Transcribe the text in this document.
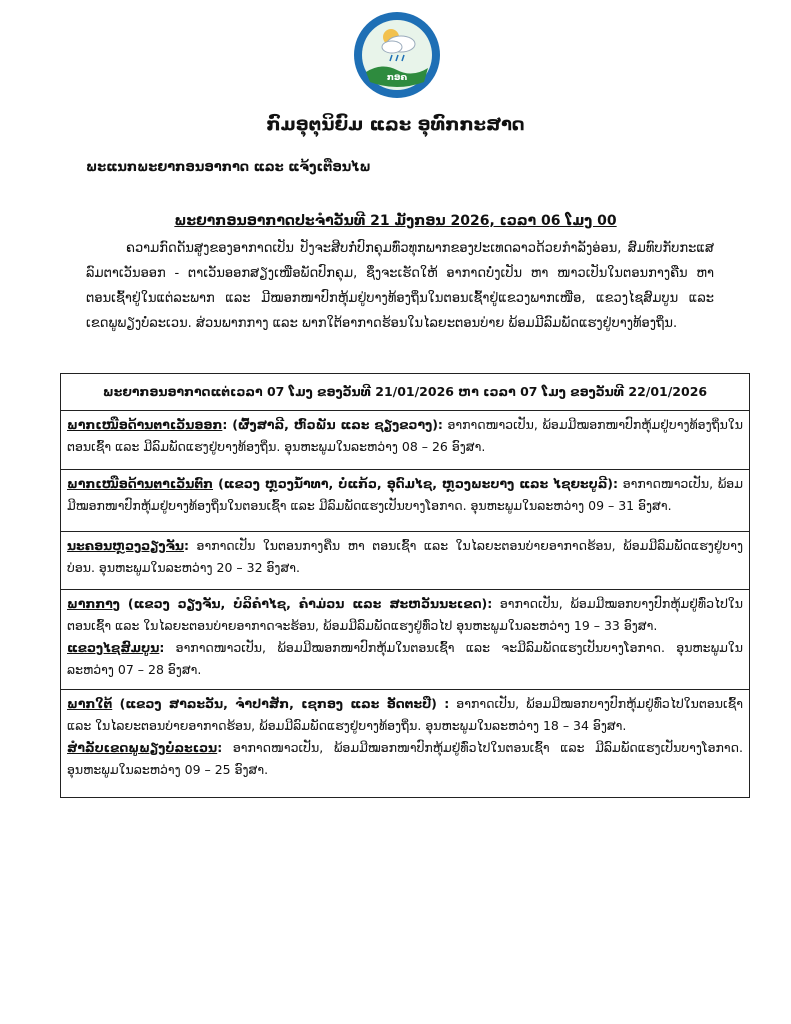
ກອຄ
ກົມອຸຕຸນິຍົມ ແລະ ອຸທົກກະສາດ
ພະແນກພະຍາກອນອາກາດ ແລະ ແຈ້ງເຕືອນໄພ
ພະຍາກອນອາກາດປະຈຳວັນທີ 21 ມັງກອນ 2026, ເວລາ 06 ໂມງ 00

ຄວາມກົດດັນສູງຂອງອາກາດເປັນ ປັງຈະສີບກໍ່ປົກຄຸມທົ່ວທຸກພາກຂອງປະເທດລາວດ້ວຍກຳລັງອ່ອນ, ສົມທົບກັບກະແສລົມຕາເວັນອອກ - ຕາເວັນອອກສຽງເໜືອພັດປົກຄຸມ, ຊຶ່ງຈະເຮັດໃຫ້ ອາກາດບໍ່ງເປັນ ຫາ ໜາວເປັນໃນຕອນກາງຄືນ ຫາ ຕອນເຊົ້າຢູ່ໃນແຕ່ລະພາກ ແລະ ມີໝອກໜາປົກຫຸ້ມຢູ່ບາງທ້ອງຖິ່ນໃນຕອນເຊົ້າຢູ່ແຂວງພາກເໜືອ, ແຂວງໄຊສົມບູນ ແລະ ເຂດພູພຽງບໍ່ລະເວນ. ສ່ວນພາກກາງ ແລະ ພາກໃຕ້ອາກາດຮ້ອນໃນໄລຍະຕອນບ່າຍ ພ້ອມມີລົມພັດແຮງຢູ່ບາງທ້ອງຖິ່ນ.

ພະຍາກອນອາກາດແຕ່ເວລາ 07 ໂມງ ຂອງວັນທີ 21/01/2026 ຫາ ເວລາ 07 ໂມງ ຂອງວັນທີ 22/01/2026

ພາກເໜືອດ້ານຕາເວັນອອກ: (ຜົ້ງສາລີ, ຫົວພັນ ແລະ ຊຽງຂວາງ): ອາກາດໜາວເປັນ, ພ້ອມມີໝອກໜາປົກຫຸ້ມຢູ່ບາງທ້ອງຖິ່ນໃນຕອນເຊົ້າ ແລະ ມີລົມພັດແຮງຢູ່ບາງທ້ອງຖິ່ນ. ອຸນຫະພູມໃນລະຫວ່າງ 08 – 26 ອົງສາ.

ພາກເໜືອດ້ານຕາເວັນຕົກ (ແຂວງ ຫຼວງນ້ຳທາ, ບໍ່ແກ້ວ, ອຸດົມໄຊ, ຫຼວງພະບາງ ແລະ ໄຊຍະບູລີ): ອາກາດໜາວເປັນ, ພ້ອມມີໝອກໜາປົກຫຸ້ມຢູ່ບາງທ້ອງຖິ່ນໃນຕອນເຊົ້າ ແລະ ມີລົມພັດແຮງເປັນບາງໂອກາດ. ອຸນຫະພູມໃນລະຫວ່າງ 09 – 31 ອົງສາ.

ນະຄອນຫຼວງວຽງຈັນ: ອາກາດເປັນ ໃນຕອນກາງຄືນ ຫາ ຕອນເຊົ້າ ແລະ ໃນໄລຍະຕອນບ່າຍອາກາດຮ້ອນ, ພ້ອມມີລົມພັດແຮງຢູ່ບາງບ່ອນ. ອຸນຫະພູມໃນລະຫວ່າງ 20 – 32 ອົງສາ.

ພາກກາງ (ແຂວງ ວຽງຈັນ, ບໍລິຄຳໄຊ, ຄຳມ່ວນ ແລະ ສະຫວັນນະເຂດ): ອາກາດເປັນ, ພ້ອມມີໝອກບາງປົກຫຸ້ມຢູ່ທົ່ວໄປໃນຕອນເຊົ້າ ແລະ ໃນໄລຍະຕອນບ່າຍອາກາດຈະຮ້ອນ, ພ້ອມມີລົມພັດແຮງຢູ່ທົ່ວໄປ ອຸນຫະພູມໃນລະຫວ່າງ 19 – 33 ອົງສາ.

ແຂວງໄຊສົມບູນ: ອາກາດໜາວເປັນ, ພ້ອມມີໝອກໜາປົກຫຸ້ມໃນຕອນເຊົ້າ ແລະ ຈະມີລົມພັດແຮງເປັນບາງໂອກາດ. ອຸນຫະພູມໃນລະຫວ່າງ 07 – 28 ອົງສາ.

ພາກໃຕ້ (ແຂວງ ສາລະວັນ, ຈຳປາສັກ, ເຊກອງ ແລະ ອັດຕະປື) : ອາກາດເປັນ, ພ້ອມມີໝອກບາງປົກຫຸ້ມຢູ່ທົ່ວໄປໃນຕອນເຊົ້າ ແລະ ໃນໄລຍະຕອນບ່າຍອາກາດຮ້ອນ, ພ້ອມມີລົມພັດແຮງຢູ່ບາງທ້ອງຖິ່ນ. ອຸນຫະພູມໃນລະຫວ່າງ 18 – 34 ອົງສາ.

ສຳລັບເຂດພູພຽງບໍ່ລະເວນ: ອາກາດໜາວເປັນ, ພ້ອມມີໝອກໜາປົກຫຸ້ມຢູ່ທົ່ວໄປໃນຕອນເຊົ້າ ແລະ ມີລົມພັດແຮງເປັນບາງໂອກາດ. ອຸນຫະພູມໃນລະຫວ່າງ 09 – 25 ອົງສາ.
